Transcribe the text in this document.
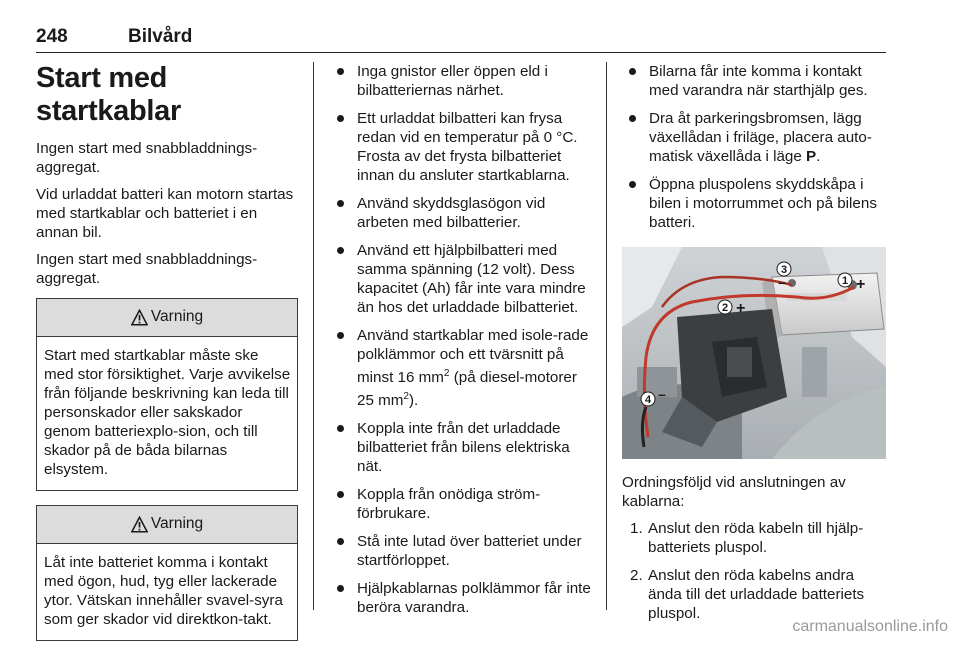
248	Bilvård
Start med startkablar

Ingen start med snabbladdnings-aggregat.

Vid urladdat batteri kan motorn startas med startkablar och batteriet i en annan bil.

Ingen start med snabbladdnings-aggregat.

Varning
Start med startkablar måste ske med stor försiktighet. Varje avvikelse från följande beskrivning kan leda till personskador eller sakskador genom batteriexplo-sion, och till skador på de båda bilarnas elsystem.
Varning
Låt inte batteriet komma i kontakt med ögon, hud, tyg eller lackerade ytor. Vätskan innehåller svavel-syra som ger skador vid direktkon-takt.
Inga gnistor eller öppen eld i bilbatteriernas närhet.
Ett urladdat bilbatteri kan frysa redan vid en temperatur på 0 °C. Frosta av det frysta bilbatteriet innan du ansluter startkablarna.
Använd skyddsglasögon vid arbeten med bilbatterier.
Använd ett hjälpbilbatteri med samma spänning (12 volt). Dess kapacitet (Ah) får inte vara mindre än hos det urladdade bilbatteriet.
Använd startkablar med isole-rade polklämmor och ett tvärsnitt på minst 16 $mm^2$ (på diesel-motorer 25 $mm^2$).
Koppla inte från det urladdade bilbatteriet från bilens elektriska nät.
Koppla från onödiga ström-förbrukare.
Stå inte lutad över batteriet under startförloppet.
Hjälpkablarnas polklämmor får inte beröra varandra.
Bilarna får inte komma i kontakt med varandra när starthjälp ges.
Dra åt parkeringsbromsen, lägg växellådan i friläge, placera auto-matisk växellåda i läge P.
Öppna pluspolens skyddskåpa i bilen i motorrummet och på bilens batteri.
1 +
2 +
3
–
4 –

Ordningsföljd vid anslutningen av kablarna:

1. Anslut den röda kabeln till hjälp-batteriets pluspol.
2. Anslut den röda kabelns andra ända till det urladdade batteriets pluspol.
carmanualsonline.info
